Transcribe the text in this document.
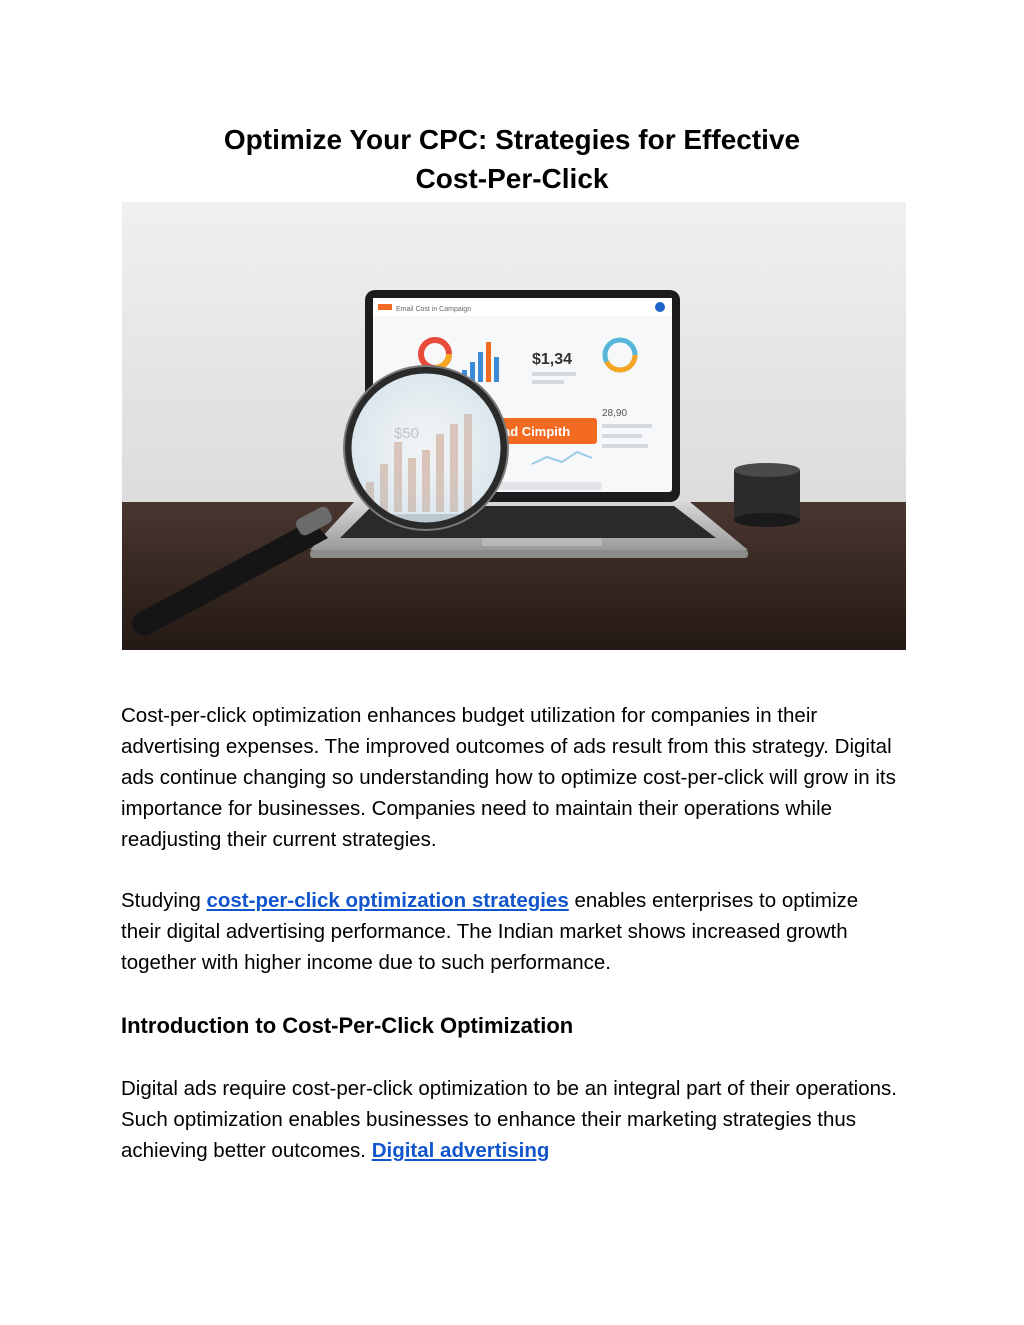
Optimize Your CPC: Strategies for Effective
Cost-Per-Click
Email Cost in Campaign
$1,34
ad Cimpith
28,90

Cost-per-click optimization enhances budget utilization for companies in their advertising expenses. The improved outcomes of ads result from this strategy. Digital ads continue changing so understanding how to optimize cost-per-click will grow in its importance for businesses. Companies need to maintain their operations while readjusting their current strategies.

Studying cost-per-click optimization strategies enables enterprises to optimize their digital advertising performance. The Indian market shows increased growth together with higher income due to such performance.

Introduction to Cost-Per-Click Optimization

Digital ads require cost-per-click optimization to be an integral part of their operations. Such optimization enables businesses to enhance their marketing strategies thus achieving better outcomes. Digital advertising
